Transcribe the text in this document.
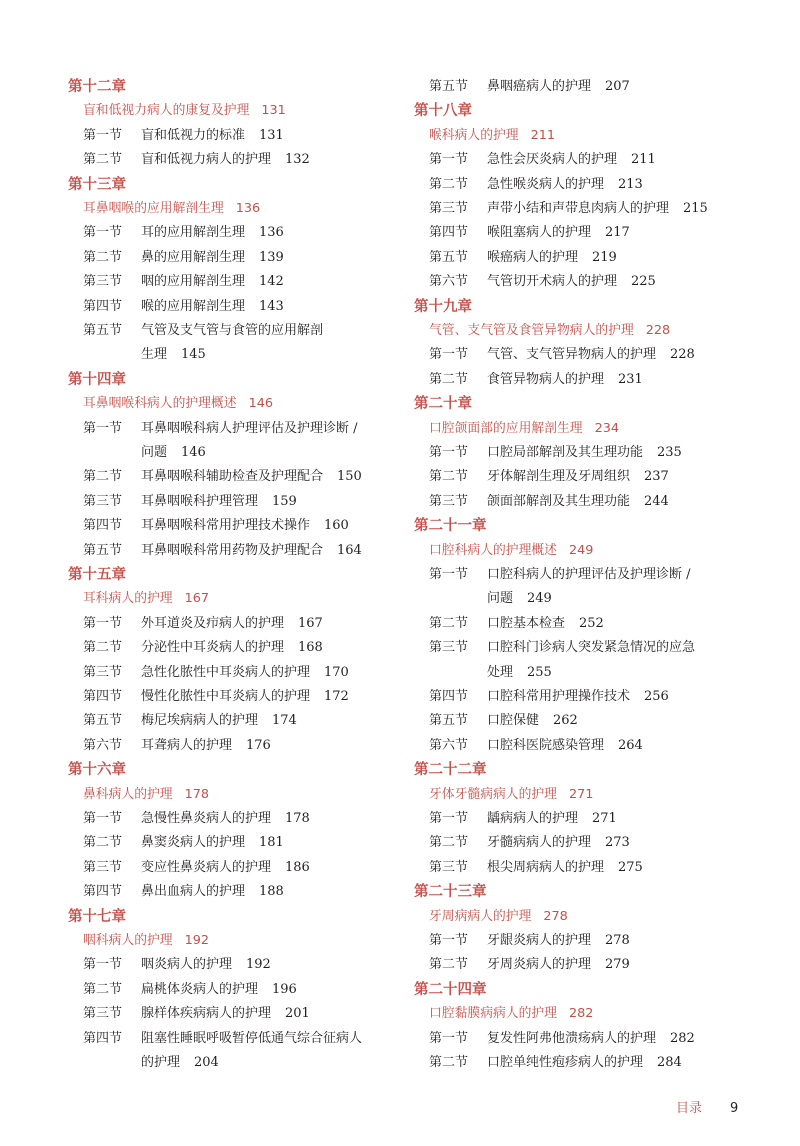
第十二章
盲和低视力病人的康复及护理 131
第一节	盲和低视力的标准 131
第二节	盲和低视力病人的护理 132
第十三章
耳鼻咽喉的应用解剖生理 136
第一节	耳的应用解剖生理 136
第二节	鼻的应用解剖生理 139
第三节	咽的应用解剖生理 142
第四节	喉的应用解剖生理 143
第五节	气管及支气管与食管的应用解剖
生理 145
第十四章
耳鼻咽喉科病人的护理概述 146
第一节	耳鼻咽喉科病人护理评估及护理诊断 /
问题 146
第二节	耳鼻咽喉科辅助检查及护理配合 150
第三节	耳鼻咽喉科护理管理 159
第四节	耳鼻咽喉科常用护理技术操作 160
第五节	耳鼻咽喉科常用药物及护理配合 164
第十五章
耳科病人的护理 167
第一节	外耳道炎及疖病人的护理 167
第二节	分泌性中耳炎病人的护理 168
第三节	急性化脓性中耳炎病人的护理 170
第四节	慢性化脓性中耳炎病人的护理 172
第五节	梅尼埃病病人的护理 174
第六节	耳聋病人的护理 176
第十六章
鼻科病人的护理 178
第一节	急慢性鼻炎病人的护理 178
第二节	鼻窦炎病人的护理 181
第三节	变应性鼻炎病人的护理 186
第四节	鼻出血病人的护理 188
第十七章
咽科病人的护理 192
第一节	咽炎病人的护理 192
第二节	扁桃体炎病人的护理 196
第三节	腺样体疾病病人的护理 201
第四节	阻塞性睡眠呼吸暂停低通气综合征病人
的护理 204
第五节	鼻咽癌病人的护理 207
第十八章
喉科病人的护理 211
第一节	急性会厌炎病人的护理 211
第二节	急性喉炎病人的护理 213
第三节	声带小结和声带息肉病人的护理 215
第四节	喉阻塞病人的护理 217
第五节	喉癌病人的护理 219
第六节	气管切开术病人的护理 225
第十九章
气管、支气管及食管异物病人的护理 228
第一节	气管、支气管异物病人的护理 228
第二节	食管异物病人的护理 231
第二十章
口腔颌面部的应用解剖生理 234
第一节	口腔局部解剖及其生理功能 235
第二节	牙体解剖生理及牙周组织 237
第三节	颌面部解剖及其生理功能 244
第二十一章
口腔科病人的护理概述 249
第一节	口腔科病人的护理评估及护理诊断 /
问题 249
第二节	口腔基本检查 252
第三节	口腔科门诊病人突发紧急情况的应急
处理 255
第四节	口腔科常用护理操作技术 256
第五节	口腔保健 262
第六节	口腔科医院感染管理 264
第二十二章
牙体牙髓病病人的护理 271
第一节	龋病病人的护理 271
第二节	牙髓病病人的护理 273
第三节	根尖周病病人的护理 275
第二十三章
牙周病病人的护理 278
第一节	牙龈炎病人的护理 278
第二节	牙周炎病人的护理 279
第二十四章
口腔黏膜病病人的护理 282
第一节	复发性阿弗他溃疡病人的护理 282
第二节	口腔单纯性疱疹病人的护理 284
目录 9
